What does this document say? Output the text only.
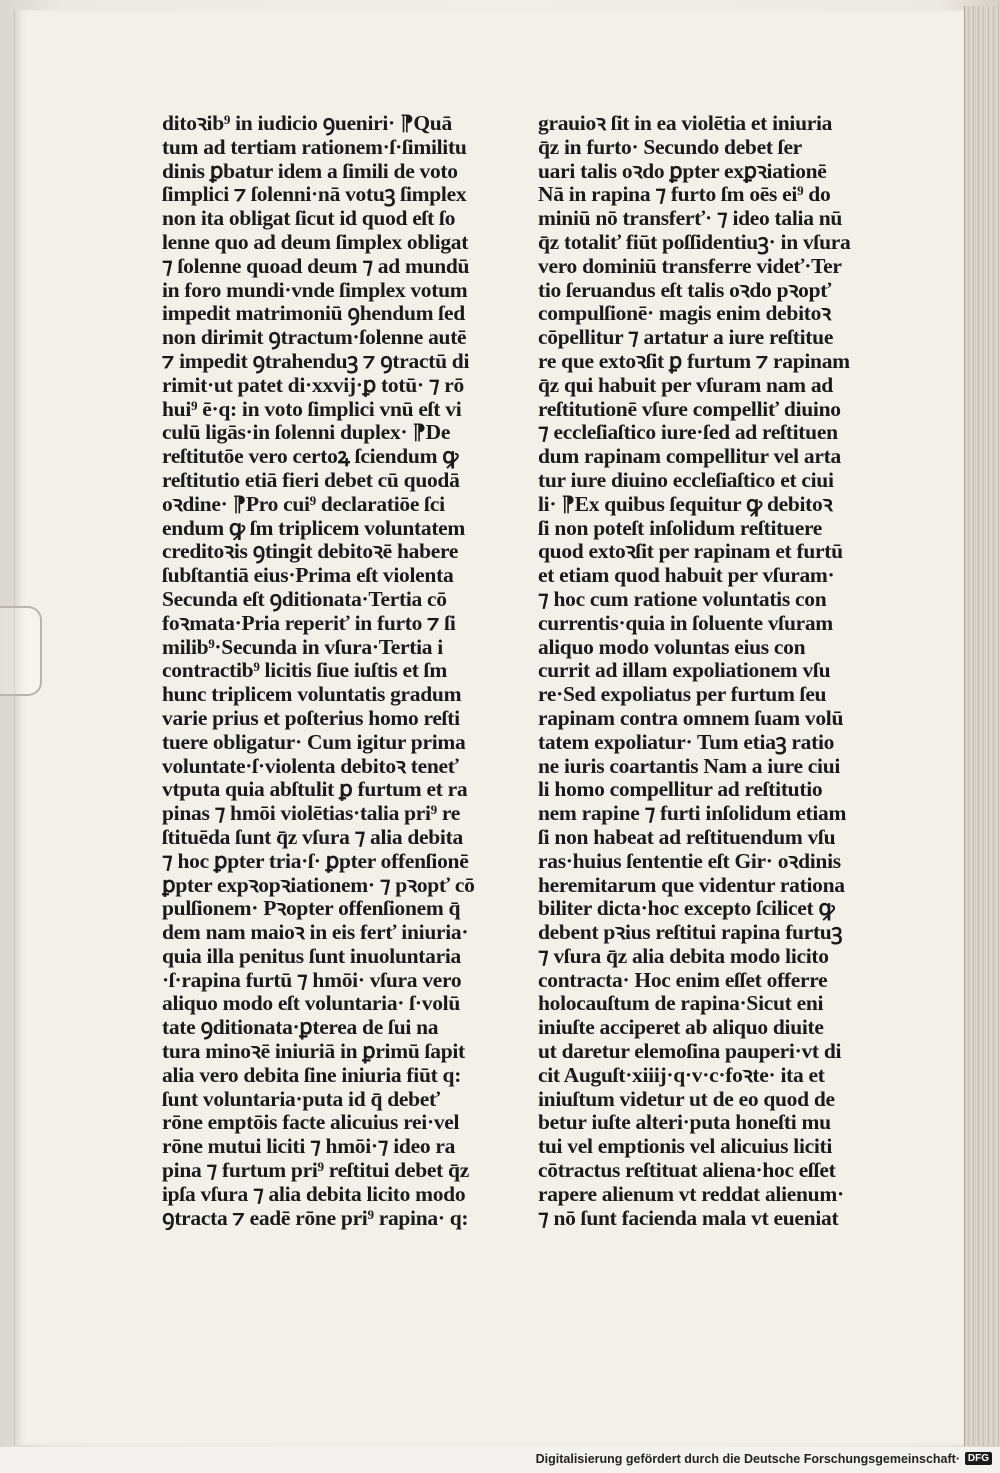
ditoꝛib⁹ in iudicio ꝯueniri· ⁋Quā
tum ad tertiam rationem·ſ·ſimilitu
dinis ꝑbatur idem a ſimili de voto
ſimplici ⁊ ſolenni·nā votuꝫ ſimplex
non ita obligat ſicut id quod eſt ſo
lenne quo ad deum ſimplex obligat
⁊ ſolenne quoad deum ⁊ ad mundū
in foro mundi·vnde ſimplex votum
impedit matrimoniū ꝯhendum ſed
non dirimit ꝯtractum·ſolenne autē
⁊ impedit ꝯtrahenduꝫ ⁊ ꝯtractū di
rimit·ut patet di·xxvij·ꝑ totū· ⁊ rō
hui⁹ ē·q: in voto ſimplici vnū eſt vi
culū ligās·in ſolenni duplex· ⁋De
reſtitutōe vero certoꝝ ſciendum ꝙ
reſtitutio etiā fieri debet cū quodā
oꝛdine· ⁋Pro cui⁹ declaratiōe ſci
endum ꝙ ſm triplicem voluntatem
creditoꝛis ꝯtingit debitoꝛē habere
ſubſtantiā eius·Prima eſt violenta
Secunda eſt ꝯditionata·Tertia cō
foꝛmata·Pria reperiť in furto ⁊ ſi
milib⁹·Secunda in vſura·Tertia i
contractib⁹ licitis ſiue iuſtis et ſm
hunc triplicem voluntatis gradum
varie prius et poſterius homo reſti
tuere obligatur· Cum igitur prima
voluntate·ſ·violenta debitoꝛ teneť
vtputa quia abſtulit ꝑ furtum et ra
pinas ⁊ hmōi violētias·talia pri⁹ re
ſtituēda ſunt q̄z vſura ⁊ alia debita
⁊ hoc ꝑpter tria·ſ· ꝑpter offenſionē
ꝑpter expꝛopꝛiationem· ⁊ pꝛopť cō
pulſionem· Pꝛopter offenſionem q̄
dem nam maioꝛ in eis ferť iniuria·
quia illa penitus ſunt inuoluntaria
·ſ·rapina furtū ⁊ hmōi· vſura vero
aliquo modo eſt voluntaria· ſ·volū
tate ꝯditionata·ꝑterea de ſui na
tura minoꝛē iniuriā in ꝑrimū ſapit
alia vero debita ſine iniuria fiūt q:
ſunt voluntaria·puta id q̄ debeť
rōne emptōis facte alicuius rei·vel
rōne mutui liciti ⁊ hmōi·⁊ ideo ra
pina ⁊ furtum pri⁹ reſtitui debet q̄z
ipſa vſura ⁊ alia debita licito modo
ꝯtracta ⁊ eadē rōne pri⁹ rapina· q:
grauioꝛ ſit in ea violētia et iniuria
q̄z in furto· Secundo debet ſer
uari talis oꝛdo ꝑpter exꝑꝛiationē
Nā in rapina ⁊ furto ſm oēs ei⁹ do
miniū nō transferť· ⁊ ideo talia nū
q̄z totaliť fiūt poſſidentiuꝫ· in vſura
vero dominiū transferre videť·Ter
tio ſeruandus eſt talis oꝛdo pꝛopť
compulſionē· magis enim debitoꝛ
cōpellitur ⁊ artatur a iure reſtitue
re que extoꝛſit ꝑ furtum ⁊ rapinam
q̄z qui habuit per vſuram nam ad
reſtitutionē vſure compelliť diuino
⁊ eccleſiaſtico iure·ſed ad reſtituen
dum rapinam compellitur vel arta
tur iure diuino eccleſiaſtico et ciui
li· ⁋Ex quibus ſequitur ꝙ debitoꝛ
ſi non poteſt inſolidum reſtituere
quod extoꝛſit per rapinam et furtū
et etiam quod habuit per vſuram·
⁊ hoc cum ratione voluntatis con
currentis·quia in ſoluente vſuram
aliquo modo voluntas eius con
currit ad illam expoliationem vſu
re·Sed expoliatus per furtum ſeu
rapinam contra omnem ſuam volū
tatem expoliatur· Tum etiaꝫ ratio
ne iuris coartantis Nam a iure ciui
li homo compellitur ad reſtitutio
nem rapine ⁊ furti inſolidum etiam
ſi non habeat ad reſtituendum vſu
ras·huius ſententie eſt Gir· oꝛdinis
heremitarum que videntur rationa
biliter dicta·hoc excepto ſcilicet ꝙ
debent pꝛius reſtitui rapina furtuꝫ
⁊ vſura q̄z alia debita modo licito
contracta· Hoc enim eſſet offerre
holocauſtum de rapina·Sicut eni
iniuſte acciperet ab aliquo diuite
ut daretur elemoſina pauperi·vt di
cit Auguſt·xiiij·q·v·c·foꝛte· ita et
iniuſtum videtur ut de eo quod de
betur iuſte alteri·puta honeſti mu
tui vel emptionis vel alicuius liciti
cōtractus reſtituat aliena·hoc eſſet
rapere alienum vt reddat alienum·
⁊ nō ſunt facienda mala vt eueniat
Digitalisierung gefördert durch die Deutsche Forschungsgemeinschaft· DFG
